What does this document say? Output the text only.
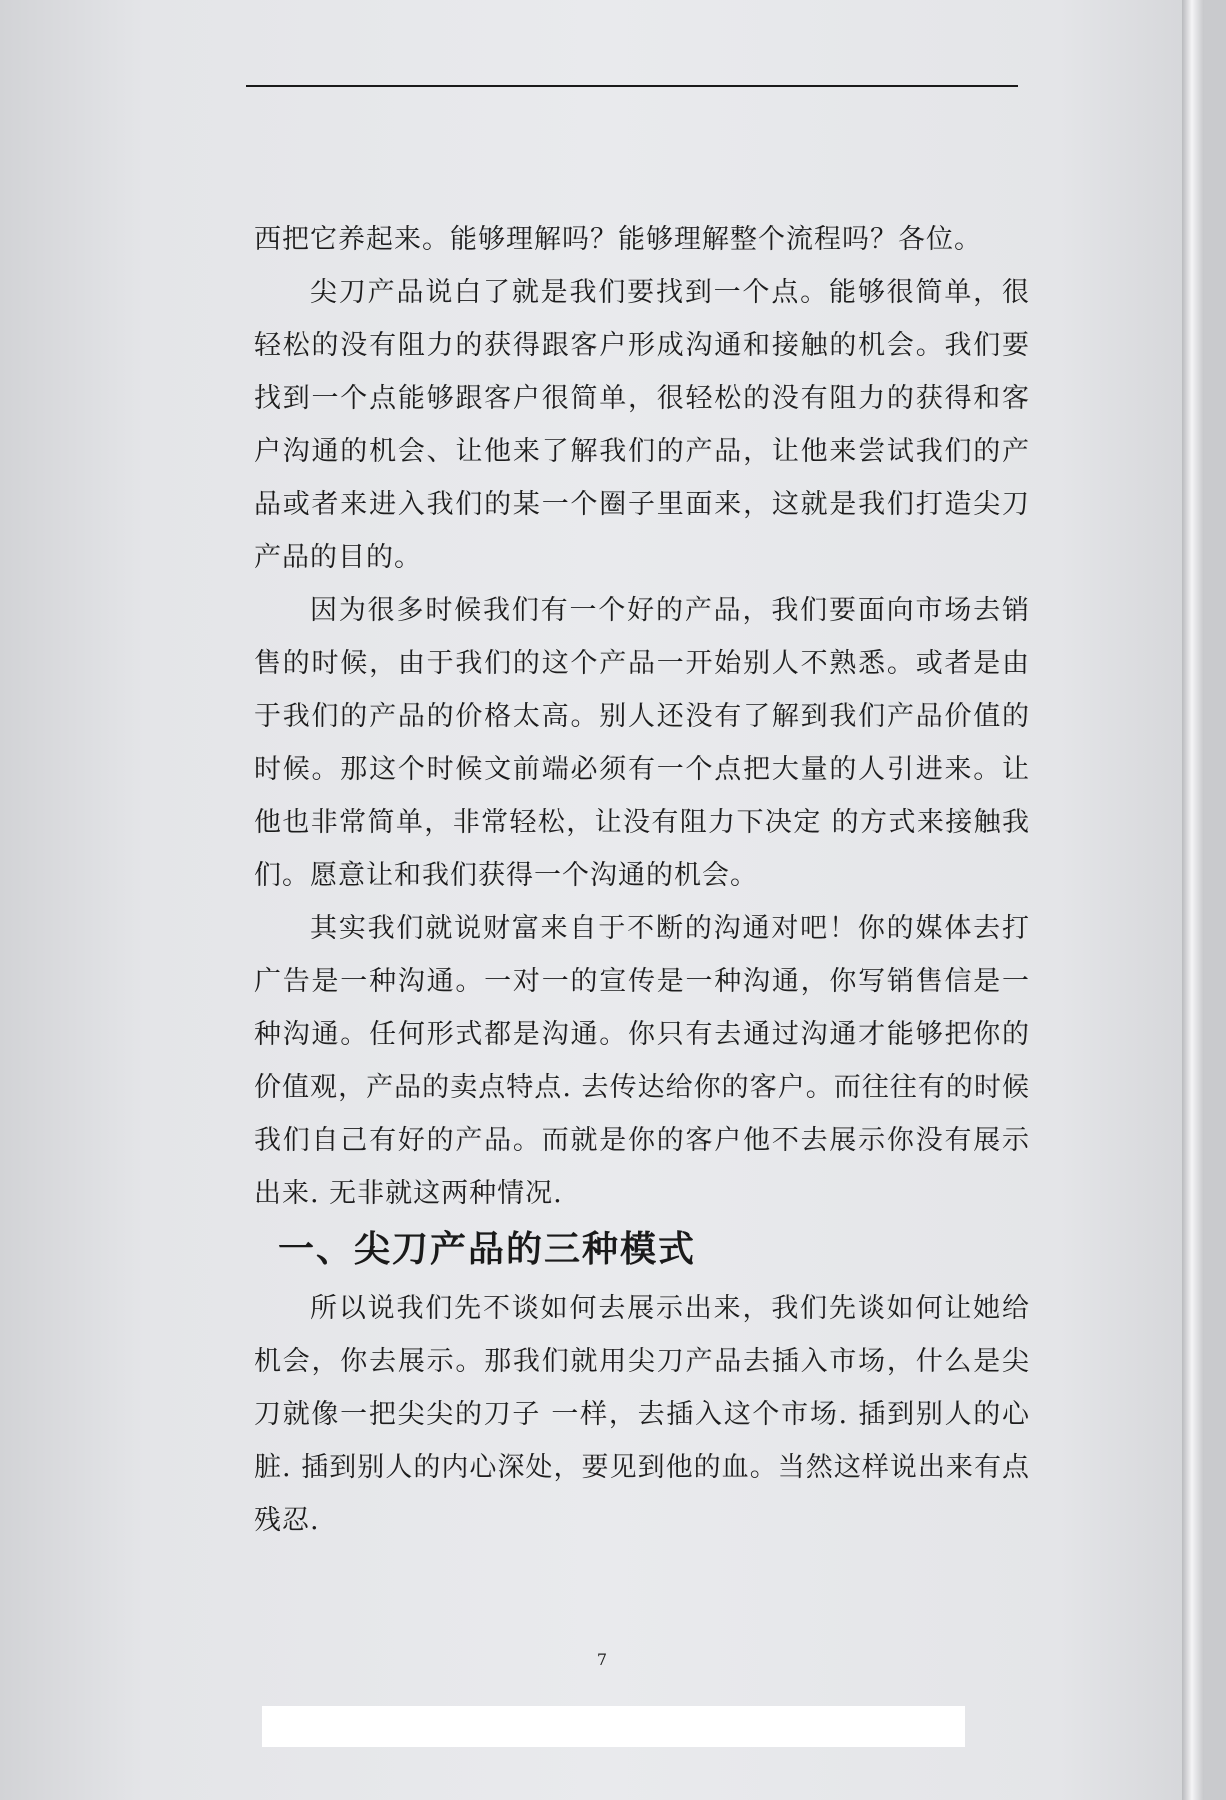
西把它养起来。能够理解吗？能够理解整个流程吗？各位。

尖刀产品说白了就是我们要找到一个点。能够很简单，很轻松的没有阻力的获得跟客户形成沟通和接触的机会。我们要找到一个点能够跟客户很简单，很轻松的没有阻力的获得和客户沟通的机会、让他来了解我们的产品，让他来尝试我们的产品或者来进入我们的某一个圈子里面来，这就是我们打造尖刀产品的目的。

因为很多时候我们有一个好的产品，我们要面向市场去销售的时候，由于我们的这个产品一开始别人不熟悉。或者是由于我们的产品的价格太高。别人还没有了解到我们产品价值的时候。那这个时候文前端必须有一个点把大量的人引进来。让他也非常简单，非常轻松，让没有阻力下决定 的方式来接触我们。愿意让和我们获得一个沟通的机会。

其实我们就说财富来自于不断的沟通对吧！你的媒体去打广告是一种沟通。一对一的宣传是一种沟通，你写销售信是一种沟通。任何形式都是沟通。你只有去通过沟通才能够把你的价值观，产品的卖点特点. 去传达给你的客户。而往往有的时候我们自己有好的产品。而就是你的客户他不去展示你没有展示出来. 无非就这两种情况.

一、尖刀产品的三种模式

所以说我们先不谈如何去展示出来，我们先谈如何让她给机会，你去展示。那我们就用尖刀产品去插入市场，什么是尖刀就像一把尖尖的刀子 一样，去插入这个市场. 插到别人的心脏. 插到别人的内心深处，要见到他的血。当然这样说出来有点残忍.

7
